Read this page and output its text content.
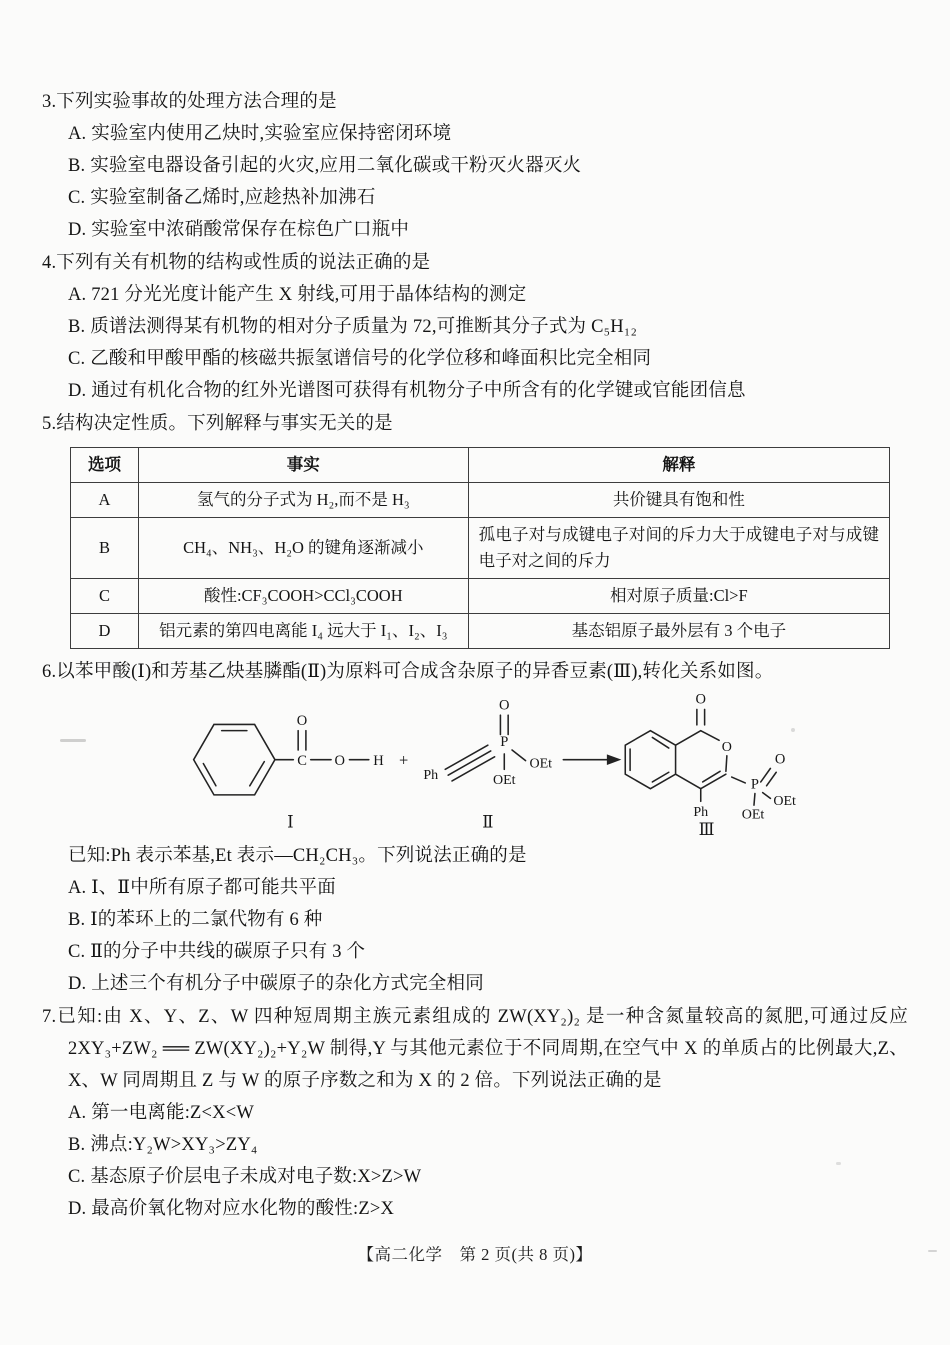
3.下列实验事故的处理方法合理的是
A. 实验室内使用乙炔时,实验室应保持密闭环境
B. 实验室电器设备引起的火灾,应用二氧化碳或干粉灭火器灭火
C. 实验室制备乙烯时,应趁热补加沸石
D. 实验室中浓硝酸常保存在棕色广口瓶中
4.下列有关有机物的结构或性质的说法正确的是
A. 721 分光光度计能产生 X 射线,可用于晶体结构的测定
B. 质谱法测得某有机物的相对分子质量为 72,可推断其分子式为 C₅H₁₂
C. 乙酸和甲酸甲酯的核磁共振氢谱信号的化学位移和峰面积比完全相同
D. 通过有机化合物的红外光谱图可获得有机物分子中所含有的化学键或官能团信息
5.结构决定性质。下列解释与事实无关的是
选项	事实	解释
A	氢气的分子式为 H₂,而不是 H₃	共价键具有饱和性
B	CH₄、NH₃、H₂O 的键角逐渐减小	孤电子对与成键电子对间的斥力大于成键电子对与成键电子对之间的斥力
C	酸性:CF₃COOH>CCl₃COOH	相对原子质量:Cl>F
D	铝元素的第四电离能 I₄ 远大于 I₁、I₂、I₃	基态铝原子最外层有 3 个电子
6.以苯甲酸(Ⅰ)和芳基乙炔基膦酯(Ⅱ)为原料可合成含杂原子的异香豆素(Ⅲ),转化关系如图。
C
O
O H
Ⅰ
+
Ph
P
O
OEt
OEt
Ⅱ
O
O
P
O
OEt
OEt
Ph
Ⅲ
已知:Ph 表示苯基,Et 表示—CH₂CH₃。下列说法正确的是
A. Ⅰ、Ⅱ中所有原子都可能共平面
B. Ⅰ的苯环上的二氯代物有 6 种
C. Ⅱ的分子中共线的碳原子只有 3 个
D. 上述三个有机分子中碳原子的杂化方式完全相同
7.已知:由 X、Y、Z、W 四种短周期主族元素组成的 ZW(XY₂)₂ 是一种含氮量较高的氮肥,可通过反应 2XY₃+ZW₂ ══ ZW(XY₂)₂+Y₂W 制得,Y 与其他元素位于不同周期,在空气中 X 的单质占的比例最大,Z、X、W 同周期且 Z 与 W 的原子序数之和为 X 的 2 倍。下列说法正确的是
A. 第一电离能:Z<X<W
B. 沸点:Y₂W>XY₃>ZY₄
C. 基态原子价层电子未成对电子数:X>Z>W
D. 最高价氧化物对应水化物的酸性:Z>X
【高二化学　第 2 页(共 8 页)】
